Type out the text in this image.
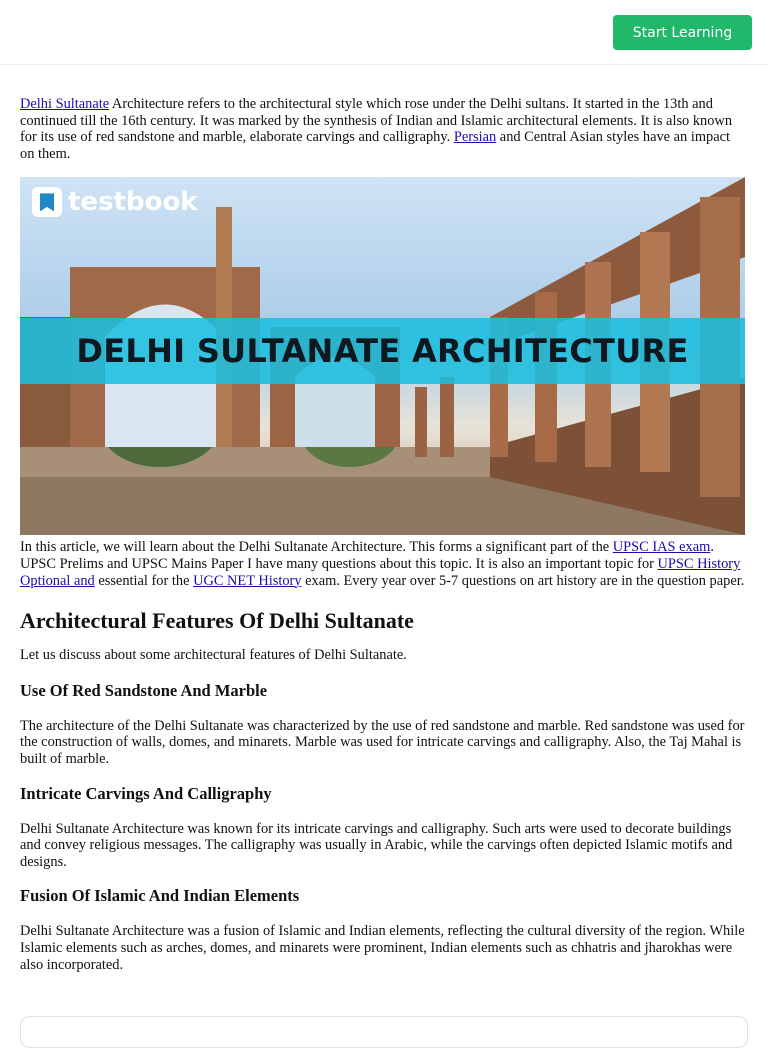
Start Learning

Delhi Sultanate Architecture refers to the architectural style which rose under the Delhi sultans. It started in the 13th and continued till the 16th century. It was marked by the synthesis of Indian and Islamic architectural elements. It is also known for its use of red sandstone and marble, elaborate carvings and calligraphy. Persian and Central Asian styles have an impact on them.

testbook
DELHI SULTANATE ARCHITECTURE

In this article, we will learn about the Delhi Sultanate Architecture. This forms a significant part of the UPSC IAS exam. UPSC Prelims and UPSC Mains Paper I have many questions about this topic. It is also an important topic for UPSC History Optional and essential for the UGC NET History exam. Every year over 5-7 questions on art history are in the question paper.

Architectural Features Of Delhi Sultanate

Let us discuss about some architectural features of Delhi Sultanate.

Use Of Red Sandstone And Marble

The architecture of the Delhi Sultanate was characterized by the use of red sandstone and marble. Red sandstone was used for the construction of walls, domes, and minarets. Marble was used for intricate carvings and calligraphy. Also, the Taj Mahal is built of marble.

Intricate Carvings And Calligraphy

Delhi Sultanate Architecture was known for its intricate carvings and calligraphy. Such arts were used to decorate buildings and convey religious messages. The calligraphy was usually in Arabic, while the carvings often depicted Islamic motifs and designs.

Fusion Of Islamic And Indian Elements

Delhi Sultanate Architecture was a fusion of Islamic and Indian elements, reflecting the cultural diversity of the region. While Islamic elements such as arches, domes, and minarets were prominent, Indian elements such as chhatris and jharokhas were also incorporated.
